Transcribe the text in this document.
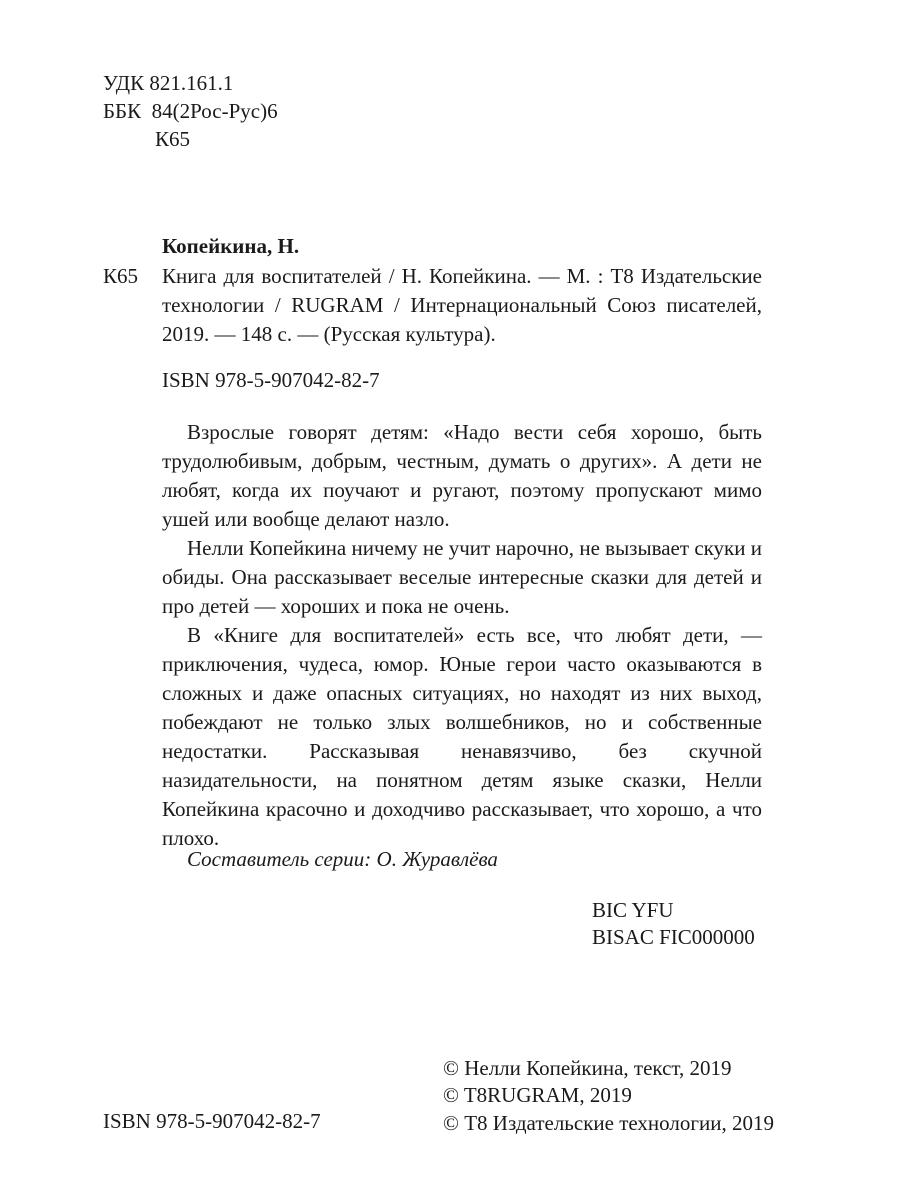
УДК 821.161.1
ББК  84(2Рос-Рус)6
К65
Копейкина, Н.
К65 Книга для воспитателей / Н. Копейкина. — М. : Т8 Издательские технологии / RUGRAM / Интернациональный Союз писателей, 2019. — 148 с. — (Русская культура).

ISBN 978-5-907042-82-7

Взрослые говорят детям: «Надо вести себя хорошо, быть трудолюбивым, добрым, честным, думать о других». А дети не любят, когда их поучают и ругают, поэтому пропускают мимо ушей или вообще делают назло.

Нелли Копейкина ничему не учит нарочно, не вызывает скуки и обиды. Она рассказывает веселые интересные сказки для детей и про детей — хороших и пока не очень.

В «Книге для воспитателей» есть все, что любят дети, — приключения, чудеса, юмор. Юные герои часто оказываются в сложных и даже опасных ситуациях, но находят из них выход, побеждают не только злых волшебников, но и собственные недостатки. Рассказывая ненавязчиво, без скучной назидательности, на понятном детям языке сказки, Нелли Копейкина красочно и доходчиво рассказывает, что хорошо, а что плохо.

Составитель серии: О. Журавлёва
BIC YFU
BISAC FIC000000
© Нелли Копейкина, текст, 2019
© T8RUGRAM, 2019
© Т8 Издательские технологии, 2019
ISBN 978-5-907042-82-7
